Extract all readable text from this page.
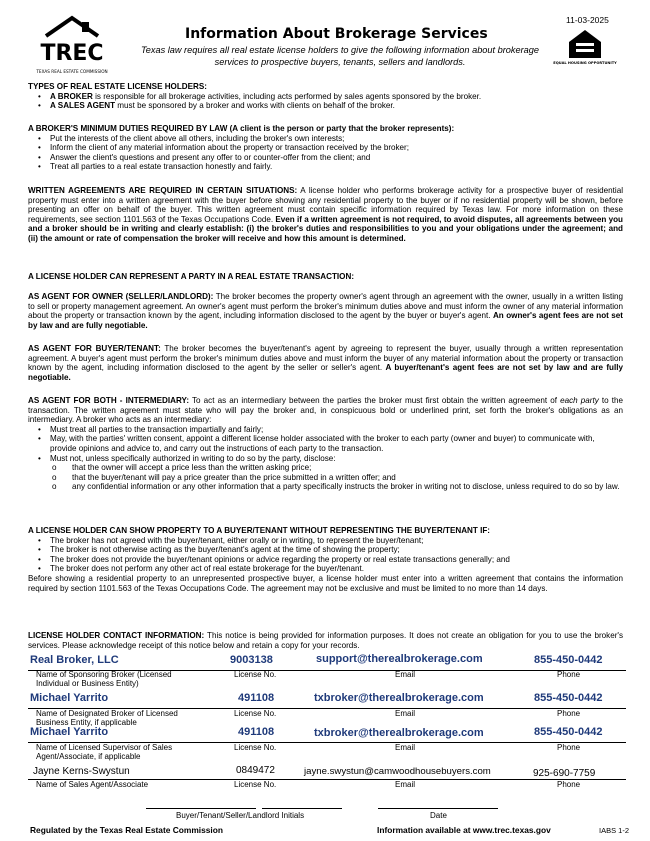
TREC
TEXAS REAL ESTATE COMMISSION
Information About Brokerage Services
Texas law requires all real estate license holders to give the following information about brokerage services to prospective buyers, tenants, sellers and landlords.
11-03-2025
EQUAL HOUSING OPPORTUNITY

TYPES OF REAL ESTATE LICENSE HOLDERS:

• A BROKER is responsible for all brokerage activities, including acts performed by sales agents sponsored by the broker.
• A SALES AGENT must be sponsored by a broker and works with clients on behalf of the broker.

A BROKER'S MINIMUM DUTIES REQUIRED BY LAW (A client is the person or party that the broker represents):

• Put the interests of the client above all others, including the broker's own interests;
• Inform the client of any material information about the property or transaction received by the broker;
• Answer the client's questions and present any offer to or counter-offer from the client; and
• Treat all parties to a real estate transaction honestly and fairly.

WRITTEN AGREEMENTS ARE REQUIRED IN CERTAIN SITUATIONS: A license holder who performs brokerage activity for a prospective buyer of residential property must enter into a written agreement with the buyer before showing any residential property to the buyer or if no residential property will be shown, before presenting an offer on behalf of the buyer. This written agreement must contain specific information required by Texas law. For more information on these requirements, see section 1101.563 of the Texas Occupations Code. Even if a written agreement is not required, to avoid disputes, all agreements between you and a broker should be in writing and clearly establish: (i) the broker's duties and responsibilities to you and your obligations under the agreement; and (ii) the amount or rate of compensation the broker will receive and how this amount is determined.

A LICENSE HOLDER CAN REPRESENT A PARTY IN A REAL ESTATE TRANSACTION:

AS AGENT FOR OWNER (SELLER/LANDLORD): The broker becomes the property owner's agent through an agreement with the owner, usually in a written listing to sell or property management agreement. An owner's agent must perform the broker's minimum duties above and must inform the owner of any material information about the property or transaction known by the agent, including information disclosed to the agent by the buyer or buyer's agent. An owner's agent fees are not set by law and are fully negotiable.

AS AGENT FOR BUYER/TENANT: The broker becomes the buyer/tenant's agent by agreeing to represent the buyer, usually through a written representation agreement. A buyer's agent must perform the broker's minimum duties above and must inform the buyer of any material information about the property or transaction known by the agent, including information disclosed to the agent by the seller or seller's agent. A buyer/tenant's agent fees are not set by law and are fully negotiable.

AS AGENT FOR BOTH - INTERMEDIARY: To act as an intermediary between the parties the broker must first obtain the written agreement of each party to the transaction. The written agreement must state who will pay the broker and, in conspicuous bold or underlined print, set forth the broker's obligations as an intermediary. A broker who acts as an intermediary:

• Must treat all parties to the transaction impartially and fairly;
• May, with the parties' written consent, appoint a different license holder associated with the broker to each party (owner and buyer) to communicate with, provide opinions and advice to, and carry out the instructions of each party to the transaction.
• Must not, unless specifically authorized in writing to do so by the party, disclose:
o that the owner will accept a price less than the written asking price;
o that the buyer/tenant will pay a price greater than the price submitted in a written offer; and
o any confidential information or any other information that a party specifically instructs the broker in writing not to disclose, unless required to do so by law.

A LICENSE HOLDER CAN SHOW PROPERTY TO A BUYER/TENANT WITHOUT REPRESENTING THE BUYER/TENANT IF:

• The broker has not agreed with the buyer/tenant, either orally or in writing, to represent the buyer/tenant;
• The broker is not otherwise acting as the buyer/tenant's agent at the time of showing the property;
• The broker does not provide the buyer/tenant opinions or advice regarding the property or real estate transactions generally; and
• The broker does not perform any other act of real estate brokerage for the buyer/tenant.

Before showing a residential property to an unrepresented prospective buyer, a license holder must enter into a written agreement that contains the information required by section 1101.563 of the Texas Occupations Code. The agreement may not be exclusive and must be limited to no more than 14 days.

LICENSE HOLDER CONTACT INFORMATION: This notice is being provided for information purposes. It does not create an obligation for you to use the broker's services. Please acknowledge receipt of this notice below and retain a copy for your records.

Real Broker, LLC	9003138	support@therealbrokerage.com	855-450-0442
Name of Sponsoring Broker (Licensed Individual or Business Entity)
License No.	Email	Phone
Michael Yarrito	491108	txbroker@therealbrokerage.com	855-450-0442
Name of Designated Broker of Licensed Business Entity, if applicable
License No.	Email	Phone
Michael Yarrito	491108	txbroker@therealbrokerage.com	855-450-0442
Name of Licensed Supervisor of Sales Agent/Associate, if applicable
License No.	Email	Phone
Jayne Kerns-Swystun	0849472	jayne.swystun@camwoodhousebuyers.com	925-690-7759
Name of Sales Agent/Associate	License No.	Email	Phone
Buyer/Tenant/Seller/Landlord Initials	Date
Regulated by the Texas Real Estate Commission	Information available at www.trec.texas.gov	IABS 1-2
